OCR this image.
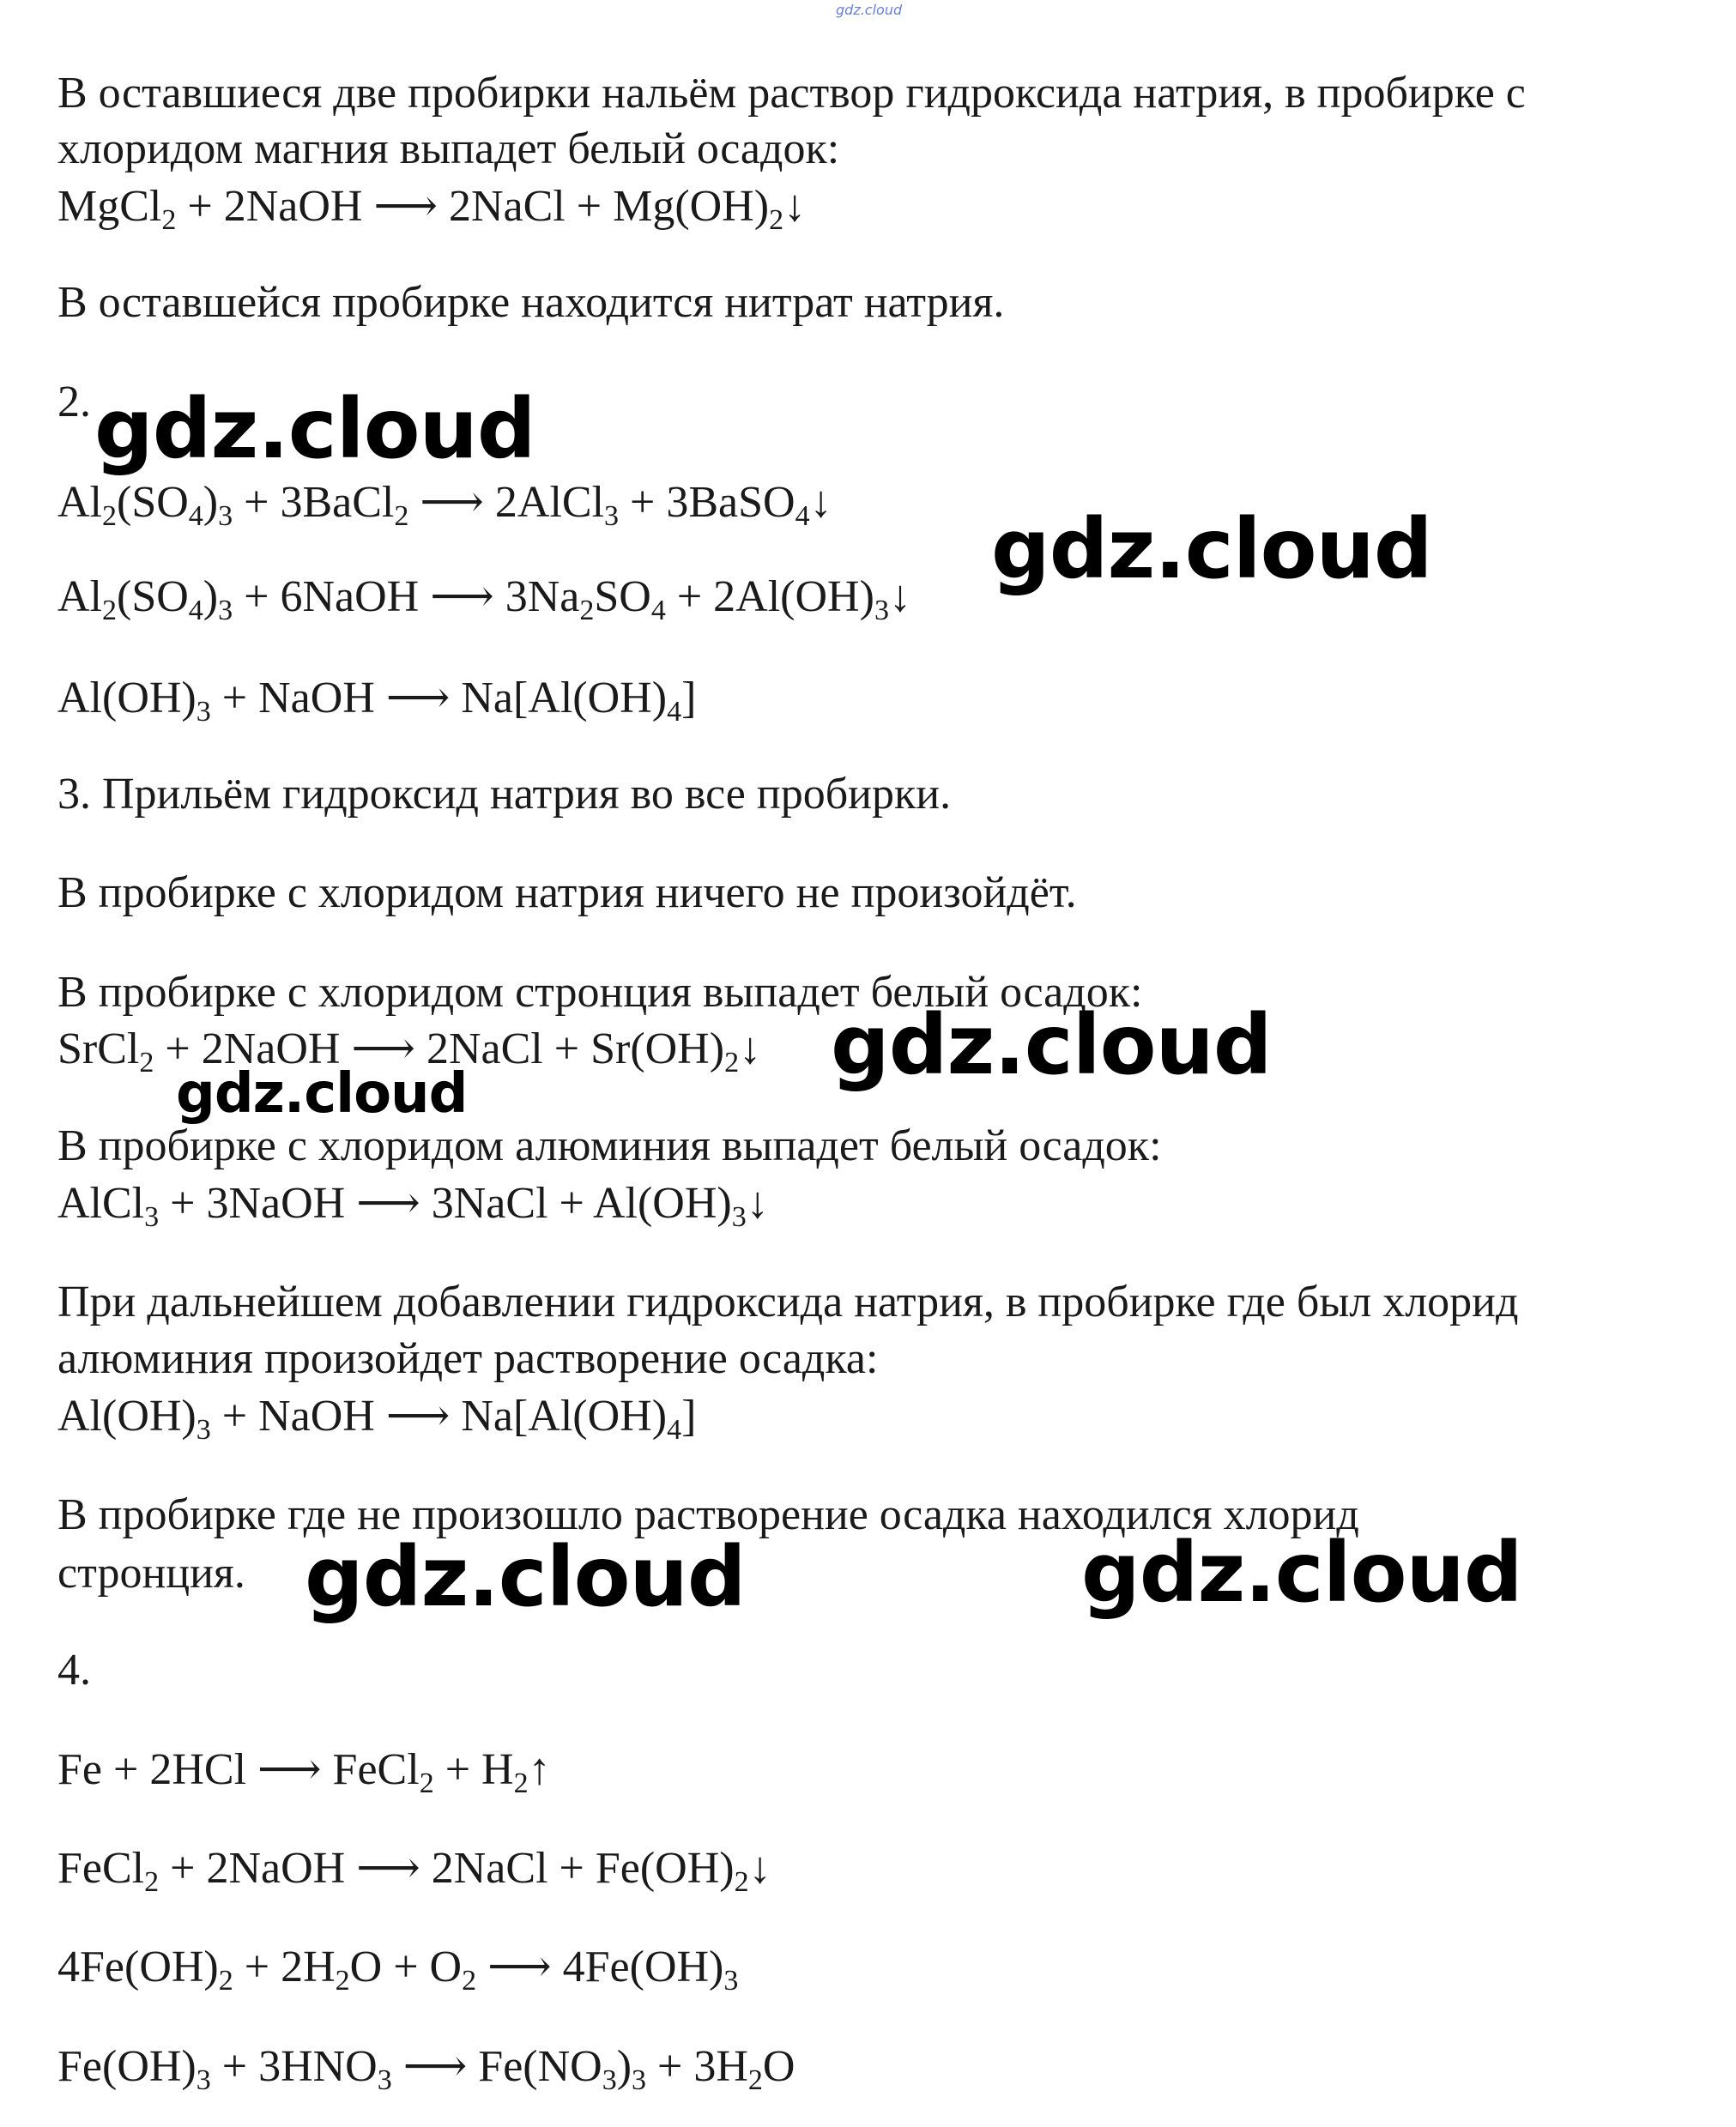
gdz.cloud

В оставшиеся две пробирки нальём раствор гидроксида натрия, в пробирке с

хлоридом магния выпадет белый осадок:

MgCl$_2$ + 2NaOH ⟶ 2NaCl + $Mg(OH)_2↓$

В оставшейся пробирке находится нитрат натрия.

2.

$Al_2(SO_4)_3$ + 3BaCl$_2$ ⟶ 2AlCl$_3$ + 3BaSO$_4$↓

$Al_2(SO_4)_3$ + 6NaOH ⟶ $3Na_2SO_4$ + $2Al(OH)_3↓$

$Al(OH)_3$ + NaOH ⟶ $Na[Al(OH)_4]$

3. Прильём гидроксид натрия во все пробирки.

В пробирке с хлоридом натрия ничего не произойдёт.

В пробирке с хлоридом стронция выпадет белый осадок:

SrCl$_2$ + 2NaOH ⟶ 2NaCl + $Sr(OH)_2↓$

В пробирке с хлоридом алюминия выпадет белый осадок:

AlCl$_3$ + 3NaOH ⟶ 3NaCl + $Al(OH)_3↓$

При дальнейшем добавлении гидроксида натрия, в пробирке где был хлорид

алюминия произойдет растворение осадка:

$Al(OH)_3$ + NaOH ⟶ $Na[Al(OH)_4]$

В пробирке где не произошло растворение осадка находился хлорид

стронция.

4.

Fe + 2HCl ⟶ FeCl$_2$ + $H_2↑$

FeCl$_2$ + 2NaOH ⟶ 2NaCl + $Fe(OH)_2↓$

$4Fe(OH)_2 + 2H_2O + O_2$ ⟶ $4Fe(OH)_3$

$Fe(OH)_3 + 3HNO_3$ ⟶ $Fe(NO_3)_3 + 3H_2O$

gdz.cloud
gdz.cloud
gdz.cloud
gdz.cloud
gdz.cloud	gdz.cloud
